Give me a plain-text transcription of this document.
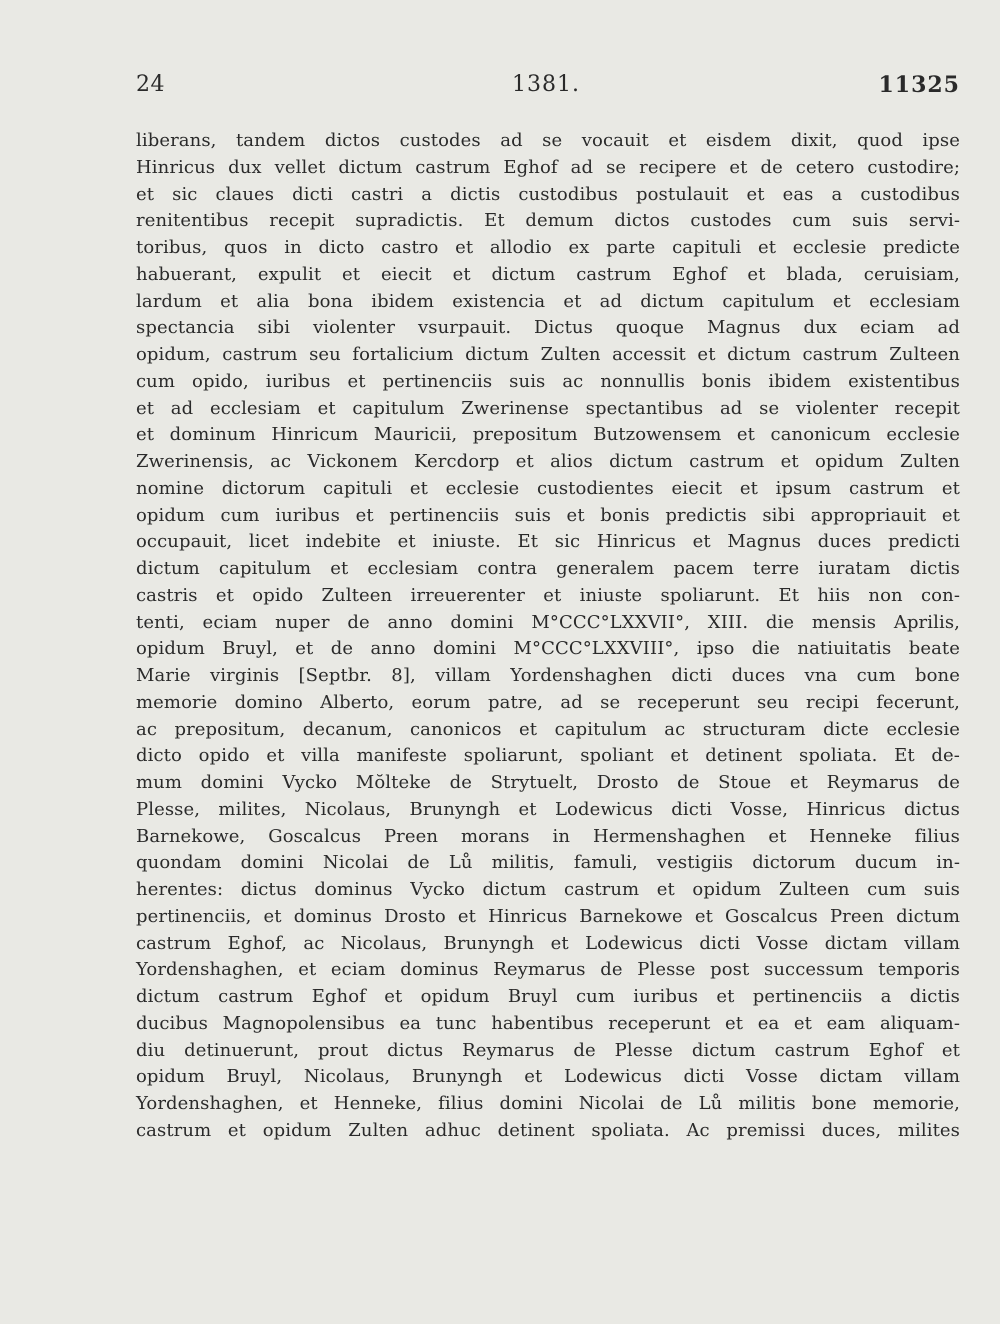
24	1381.	11325
liberans, tandem dictos custodes ad se vocauit et eisdem dixit, quod ipse
Hinricus dux vellet dictum castrum Eghof ad se recipere et de cetero custodire;
et sic claues dicti castri a dictis custodibus postulauit et eas a custodibus
renitentibus recepit supradictis. Et demum dictos custodes cum suis servi-
toribus, quos in dicto castro et allodio ex parte capituli et ecclesie predicte
habuerant, expulit et eiecit et dictum castrum Eghof et blada, ceruisiam,
lardum et alia bona ibidem existencia et ad dictum capitulum et ecclesiam
spectancia sibi violenter vsurpauit. Dictus quoque Magnus dux eciam ad
opidum, castrum seu fortalicium dictum Zulten accessit et dictum castrum Zulteen
cum opido, iuribus et pertinenciis suis ac nonnullis bonis ibidem existentibus
et ad ecclesiam et capitulum Zwerinense spectantibus ad se violenter recepit
et dominum Hinricum Mauricii, prepositum Butzowensem et canonicum ecclesie
Zwerinensis, ac Vickonem Kercdorp et alios dictum castrum et opidum Zulten
nomine dictorum capituli et ecclesie custodientes eiecit et ipsum castrum et
opidum cum iuribus et pertinenciis suis et bonis predictis sibi appropriauit et
occupauit, licet indebite et iniuste. Et sic Hinricus et Magnus duces predicti
dictum capitulum et ecclesiam contra generalem pacem terre iuratam dictis
castris et opido Zulteen irreuerenter et iniuste spoliarunt. Et hiis non con-
tenti, eciam nuper de anno domini M°CCC°LXXVII°, XIII. die mensis Aprilis,
opidum Bruyl, et de anno domini M°CCC°LXXVIII°, ipso die natiuitatis beate
Marie virginis [Septbr. 8], villam Yordenshaghen dicti duces vna cum bone
memorie domino Alberto, eorum patre, ad se receperunt seu recipi fecerunt,
ac prepositum, decanum, canonicos et capitulum ac structuram dicte ecclesie
dicto opido et villa manifeste spoliarunt, spoliant et detinent spoliata. Et de-
mum domini Vycko Mŏlteke de Strytuelt, Drosto de Stoue et Reymarus de
Plesse, milites, Nicolaus, Brunyngh et Lodewicus dicti Vosse, Hinricus dictus
Barnekowe, Goscalcus Preen morans in Hermenshaghen et Henneke filius
quondam domini Nicolai de Lů militis, famuli, vestigiis dictorum ducum in-
herentes: dictus dominus Vycko dictum castrum et opidum Zulteen cum suis
pertinenciis, et dominus Drosto et Hinricus Barnekowe et Goscalcus Preen dictum
castrum Eghof, ac Nicolaus, Brunyngh et Lodewicus dicti Vosse dictam villam
Yordenshaghen, et eciam dominus Reymarus de Plesse post successum temporis
dictum castrum Eghof et opidum Bruyl cum iuribus et pertinenciis a dictis
ducibus Magnopolensibus ea tunc habentibus receperunt et ea et eam aliquam-
diu detinuerunt, prout dictus Reymarus de Plesse dictum castrum Eghof et
opidum Bruyl, Nicolaus, Brunyngh et Lodewicus dicti Vosse dictam villam
Yordenshaghen, et Henneke, filius domini Nicolai de Lů militis bone memorie,
castrum et opidum Zulten adhuc detinent spoliata. Ac premissi duces, milites
